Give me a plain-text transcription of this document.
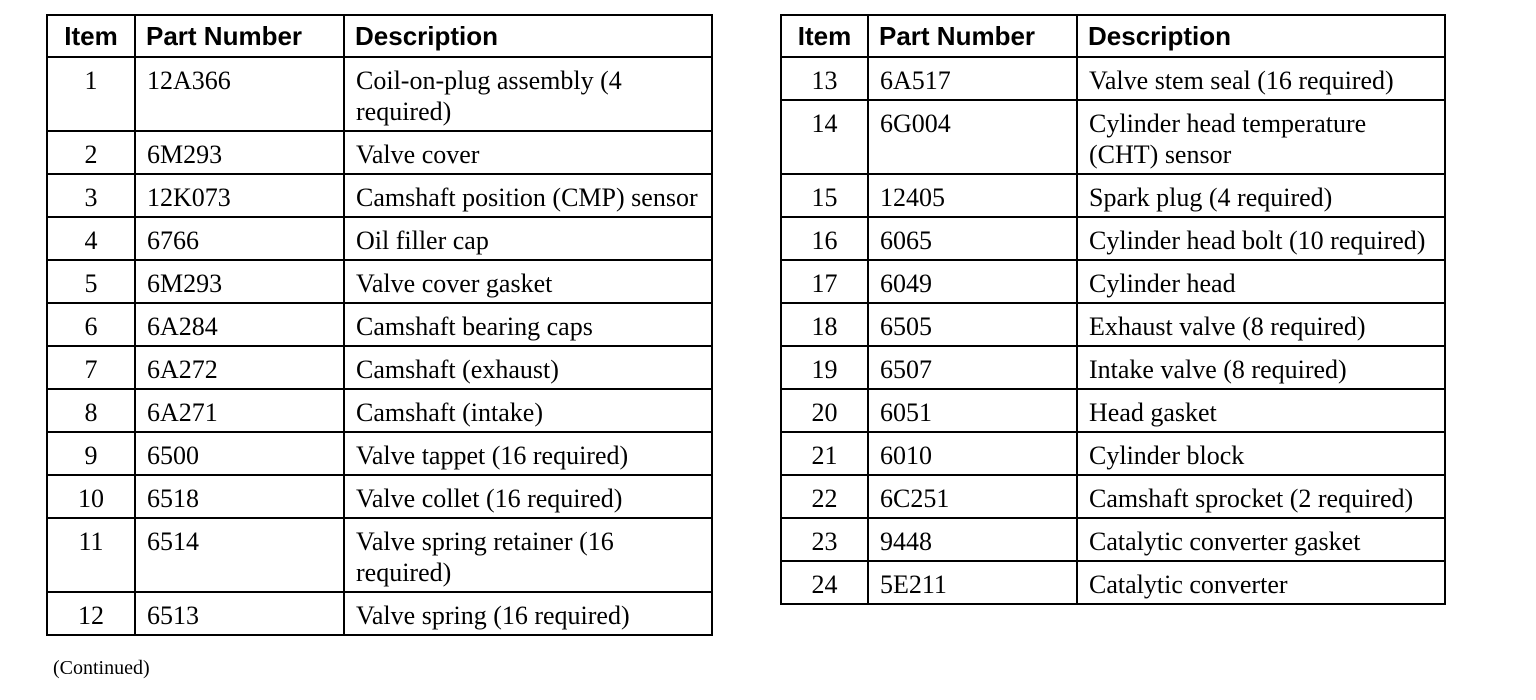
Item	Part Number	Description
1	12A366	Coil-on-plug assembly (4 required)
2	6M293	Valve cover
3	12K073	Camshaft position (CMP) sensor
4	6766	Oil filler cap
5	6M293	Valve cover gasket
6	6A284	Camshaft bearing caps
7	6A272	Camshaft (exhaust)
8	6A271	Camshaft (intake)
9	6500	Valve tappet (16 required)
10	6518	Valve collet (16 required)
11	6514	Valve spring retainer (16 required)
12	6513	Valve spring (16 required)
Item	Part Number	Description
13	6A517	Valve stem seal (16 required)
14	6G004	Cylinder head temperature (CHT) sensor
15	12405	Spark plug (4 required)
16	6065	Cylinder head bolt (10 required)
17	6049	Cylinder head
18	6505	Exhaust valve (8 required)
19	6507	Intake valve (8 required)
20	6051	Head gasket
21	6010	Cylinder block
22	6C251	Camshaft sprocket (2 required)
23	9448	Catalytic converter gasket
24	5E211	Catalytic converter
(Continued)
